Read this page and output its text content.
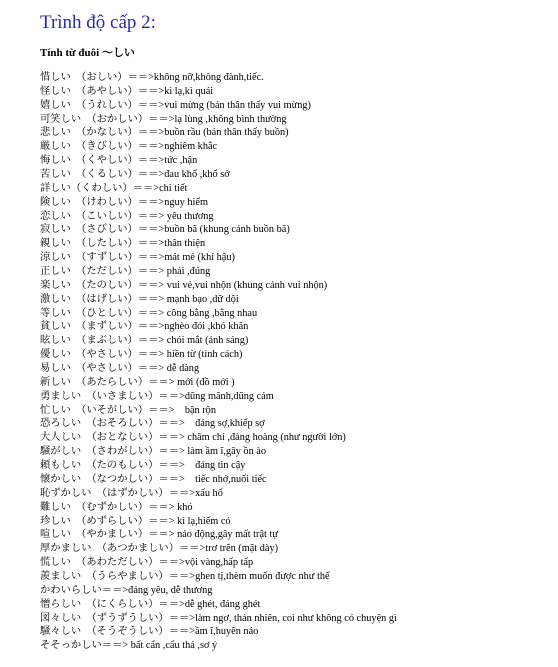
Trình độ cấp 2:
Tính từ đuôi ～しい
惜しい　（おしい）＝＝>không nỡ,không đành,tiếc.
怪しい　（あやしい）＝＝>kì lạ,kì quái
嬉しい　（うれしい）＝＝>vui mừng (bản thân thấy vui mừng)
可笑しい　（おかしい）＝＝>lạ lùng ,không bình thường
悲しい　（かなしい）＝＝>buồn rầu (bản thân thấy buồn)
厳しい　（きびしい）＝＝>nghiêm khắc
悔しい　（くやしい）＝＝>tức ,hận
苦しい　（くるしい）＝＝>đau khổ ,khổ sở
詳しい（くわしい）＝＝>chi tiết
険しい　（けわしい）＝＝>nguy hiểm
恋しい　（こいしい）＝＝> yêu thương
寂しい　（さびしい）＝＝>buồn bã (khung cảnh buồn bã)
親しい　（したしい）＝＝>thân thiện
涼しい　（すずしい）＝＝>mát mẻ (khí hậu)
正しい　（ただしい）＝＝> phải ,đúng
楽しい　（たのしい）＝＝> vui vẻ,vui nhộn (khung cảnh vui nhộn)
激しい　（はげしい）＝＝> mạnh bạo ,dữ dội
等しい　（ひとしい）＝＝> công bằng ,bằng nhau
貧しい　（まずしい）＝＝>nghèo đói ,khó khăn
眩しい　（まぶしい）＝＝> chói mắt (ánh sáng)
優しい　（やさしい）＝＝> hiền từ (tính cách)
易しい　（やさしい）＝＝> dễ dàng
新しい　（あたらしい）＝＝> mới (đồ mới )
勇ましい　（いさましい）＝＝>dũng mãnh,dũng cảm
忙しい　（いそがしい）＝＝>　bận rộn
恐ろしい　（おそろしい）＝＝>　đáng sợ,khiếp sợ
大人しい　（おとなしい）＝＝> chăm chỉ ,đàng hoàng (như người lớn)
騒がしい　（さわがしい）＝＝> làm ầm ĩ,gây ồn ào
頼もしい　（たのもしい）＝＝>　đáng tin cậy
懐かしい　（なつかしい）＝＝>　tiếc nhớ,nuối tiếc
恥ずかしい　（はずかしい）＝＝>xấu hổ
難しい　（むずかしい）＝＝> khó
珍しい　（めずらしい）＝＝> kì lạ,hiếm có
喧しい　（やかましい）＝＝> náo động,gây mất trật tự
厚かましい　（あつかましい）＝＝>trơ trẽn (mặt dày)
慌しい　（あわただしい）＝＝>vội vàng,hấp tấp
羨ましい　（うらやましい）＝＝>ghen tị,thèm muốn được như thế
かわいらしい＝＝>đáng yêu, dễ thương
憎らしい　（にくらしい）＝＝>dễ ghét, đáng ghét
図々しい　（ずうずうしい）＝＝>làm ngơ, thản nhiên, coi như không có chuyện gì
騒々しい　（そうぞうしい）＝＝>ầm ĩ,huyên náo
そそっかしい＝＝> bất cẩn ,cẩu thả ,sơ ý
